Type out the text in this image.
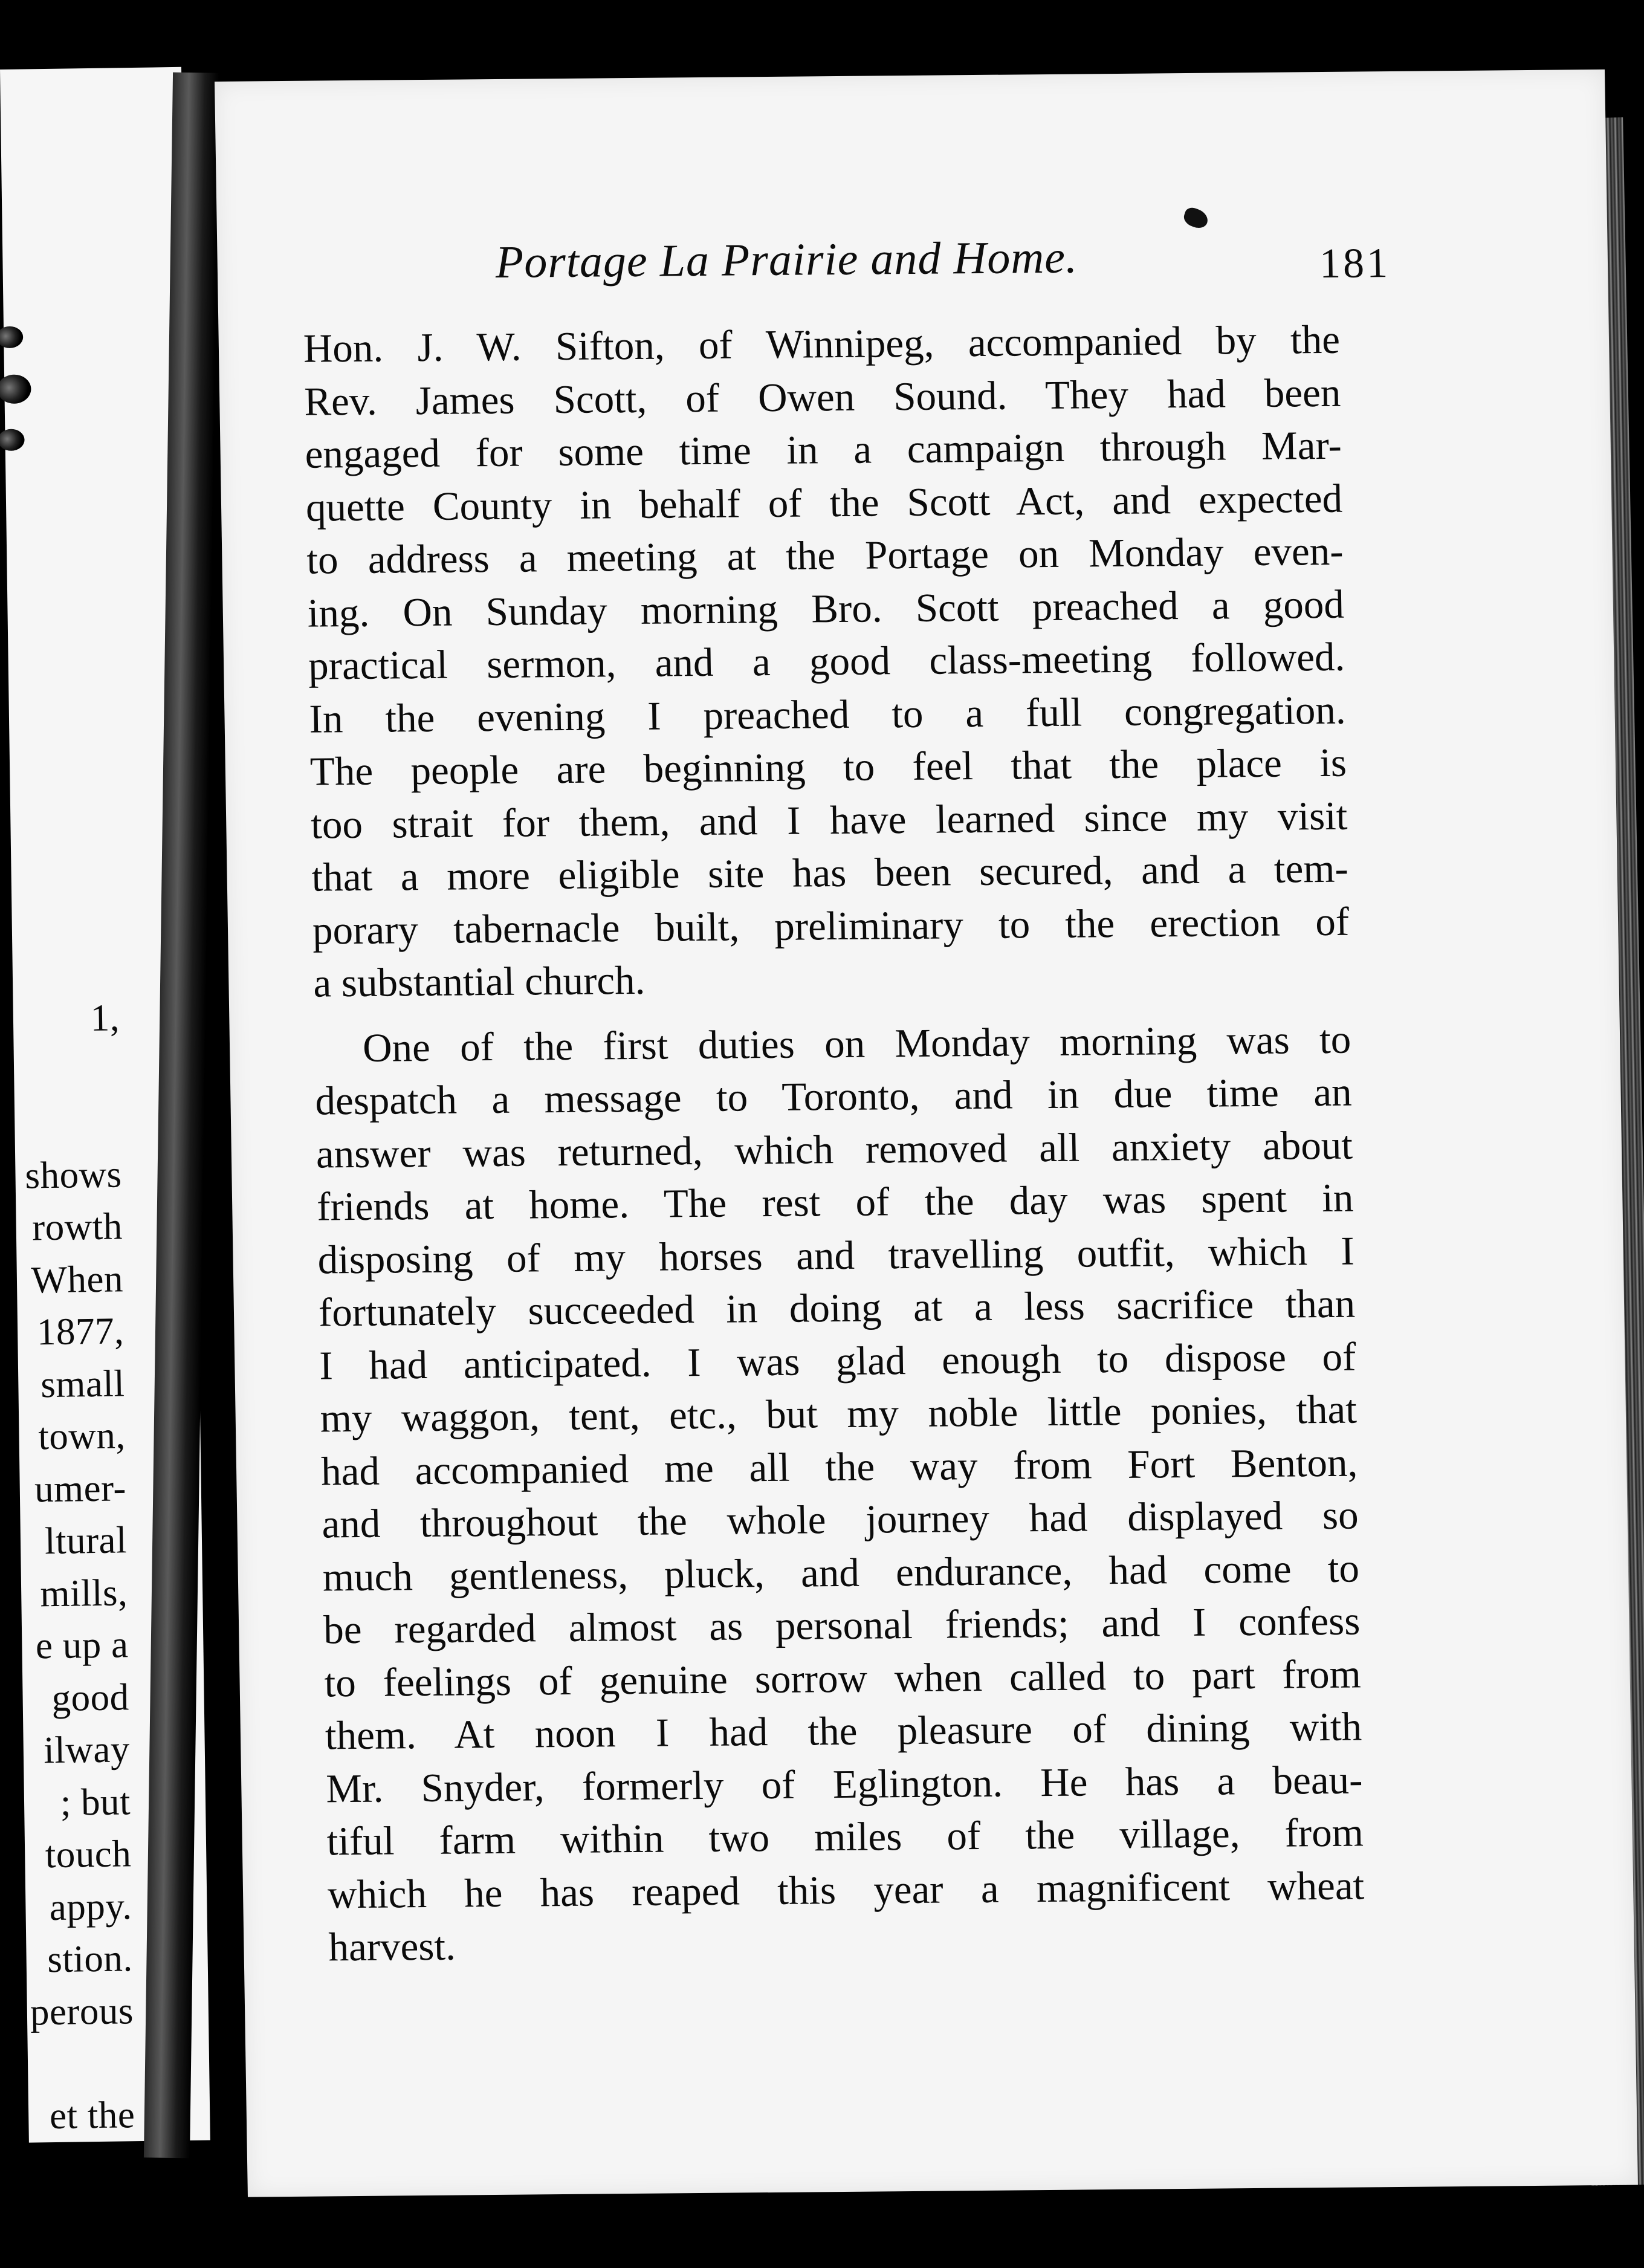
1,
shows
rowth
When
1877,
small
town,
umer-
ltural
mills,
e up a
good
ilway
; but
touch
appy.
stion.
perous
et the
Portage La Prairie and Home.	181
Hon. J. W. Sifton, of Winnipeg, accompanied by the
Rev. James Scott, of Owen Sound. They had been
engaged for some time in a campaign through Mar-
quette County in behalf of the Scott Act, and expected
to address a meeting at the Portage on Monday even-
ing. On Sunday morning Bro. Scott preached a good
practical sermon, and a good class-meeting followed.
In the evening I preached to a full congregation.
The people are beginning to feel that the place is
too strait for them, and I have learned since my visit
that a more eligible site has been secured, and a tem-
porary tabernacle built, preliminary to the erection of
a substantial church.
One of the first duties on Monday morning was to
despatch a message to Toronto, and in due time an
answer was returned, which removed all anxiety about
friends at home. The rest of the day was spent in
disposing of my horses and travelling outfit, which I
fortunately succeeded in doing at a less sacrifice than
I had anticipated. I was glad enough to dispose of
my waggon, tent, etc., but my noble little ponies, that
had accompanied me all the way from Fort Benton,
and throughout the whole journey had displayed so
much gentleness, pluck, and endurance, had come to
be regarded almost as personal friends; and I confess
to feelings of genuine sorrow when called to part from
them. At noon I had the pleasure of dining with
Mr. Snyder, formerly of Eglington. He has a beau-
tiful farm within two miles of the village, from
which he has reaped this year a magnificent wheat
harvest.
